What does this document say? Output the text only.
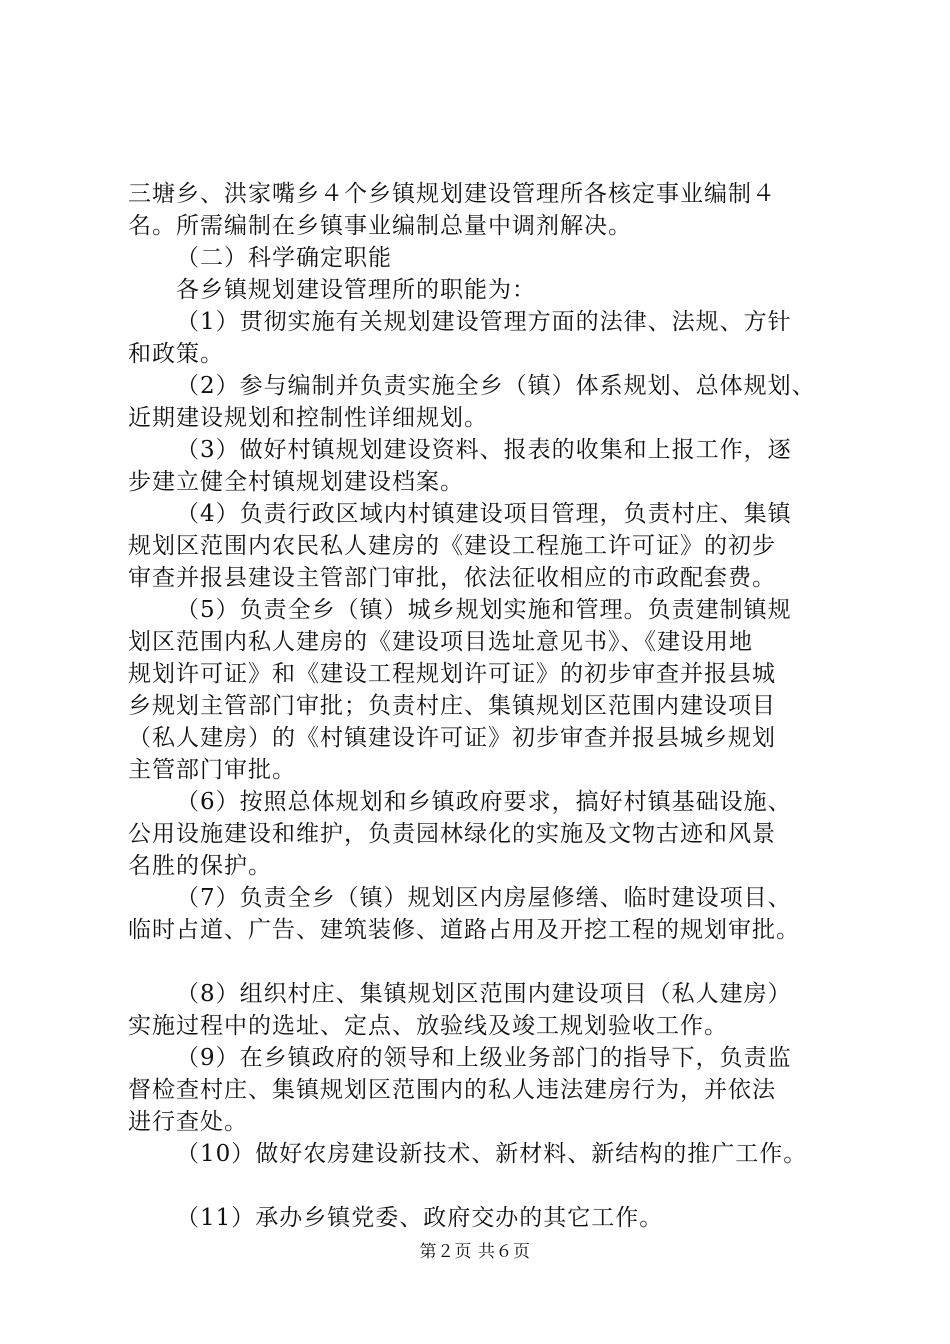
三塘乡、洪家嘴乡４个乡镇规划建设管理所各核定事业编制４
名。所需编制在乡镇事业编制总量中调剂解决。
（二）科学确定职能
各乡镇规划建设管理所的职能为：
（1）贯彻实施有关规划建设管理方面的法律、法规、方针
和政策。
（2）参与编制并负责实施全乡（镇）体系规划、总体规划、
近期建设规划和控制性详细规划。
（3）做好村镇规划建设资料、报表的收集和上报工作，逐
步建立健全村镇规划建设档案。
（4）负责行政区域内村镇建设项目管理，负责村庄、集镇
规划区范围内农民私人建房的《建设工程施工许可证》的初步
审查并报县建设主管部门审批，依法征收相应的市政配套费。
（5）负责全乡（镇）城乡规划实施和管理。负责建制镇规
划区范围内私人建房的《建设项目选址意见书》、《建设用地
规划许可证》和《建设工程规划许可证》的初步审查并报县城
乡规划主管部门审批；负责村庄、集镇规划区范围内建设项目
（私人建房）的《村镇建设许可证》初步审查并报县城乡规划
主管部门审批。
（6）按照总体规划和乡镇政府要求，搞好村镇基础设施、
公用设施建设和维护，负责园林绿化的实施及文物古迹和风景
名胜的保护。
（7）负责全乡（镇）规划区内房屋修缮、临时建设项目、
临时占道、广告、建筑装修、道路占用及开挖工程的规划审批。
（8）组织村庄、集镇规划区范围内建设项目（私人建房）
实施过程中的选址、定点、放验线及竣工规划验收工作。
（9）在乡镇政府的领导和上级业务部门的指导下，负责监
督检查村庄、集镇规划区范围内的私人违法建房行为，并依法
进行查处。
（10）做好农房建设新技术、新材料、新结构的推广工作。
（11）承办乡镇党委、政府交办的其它工作。
第２页 共６页
